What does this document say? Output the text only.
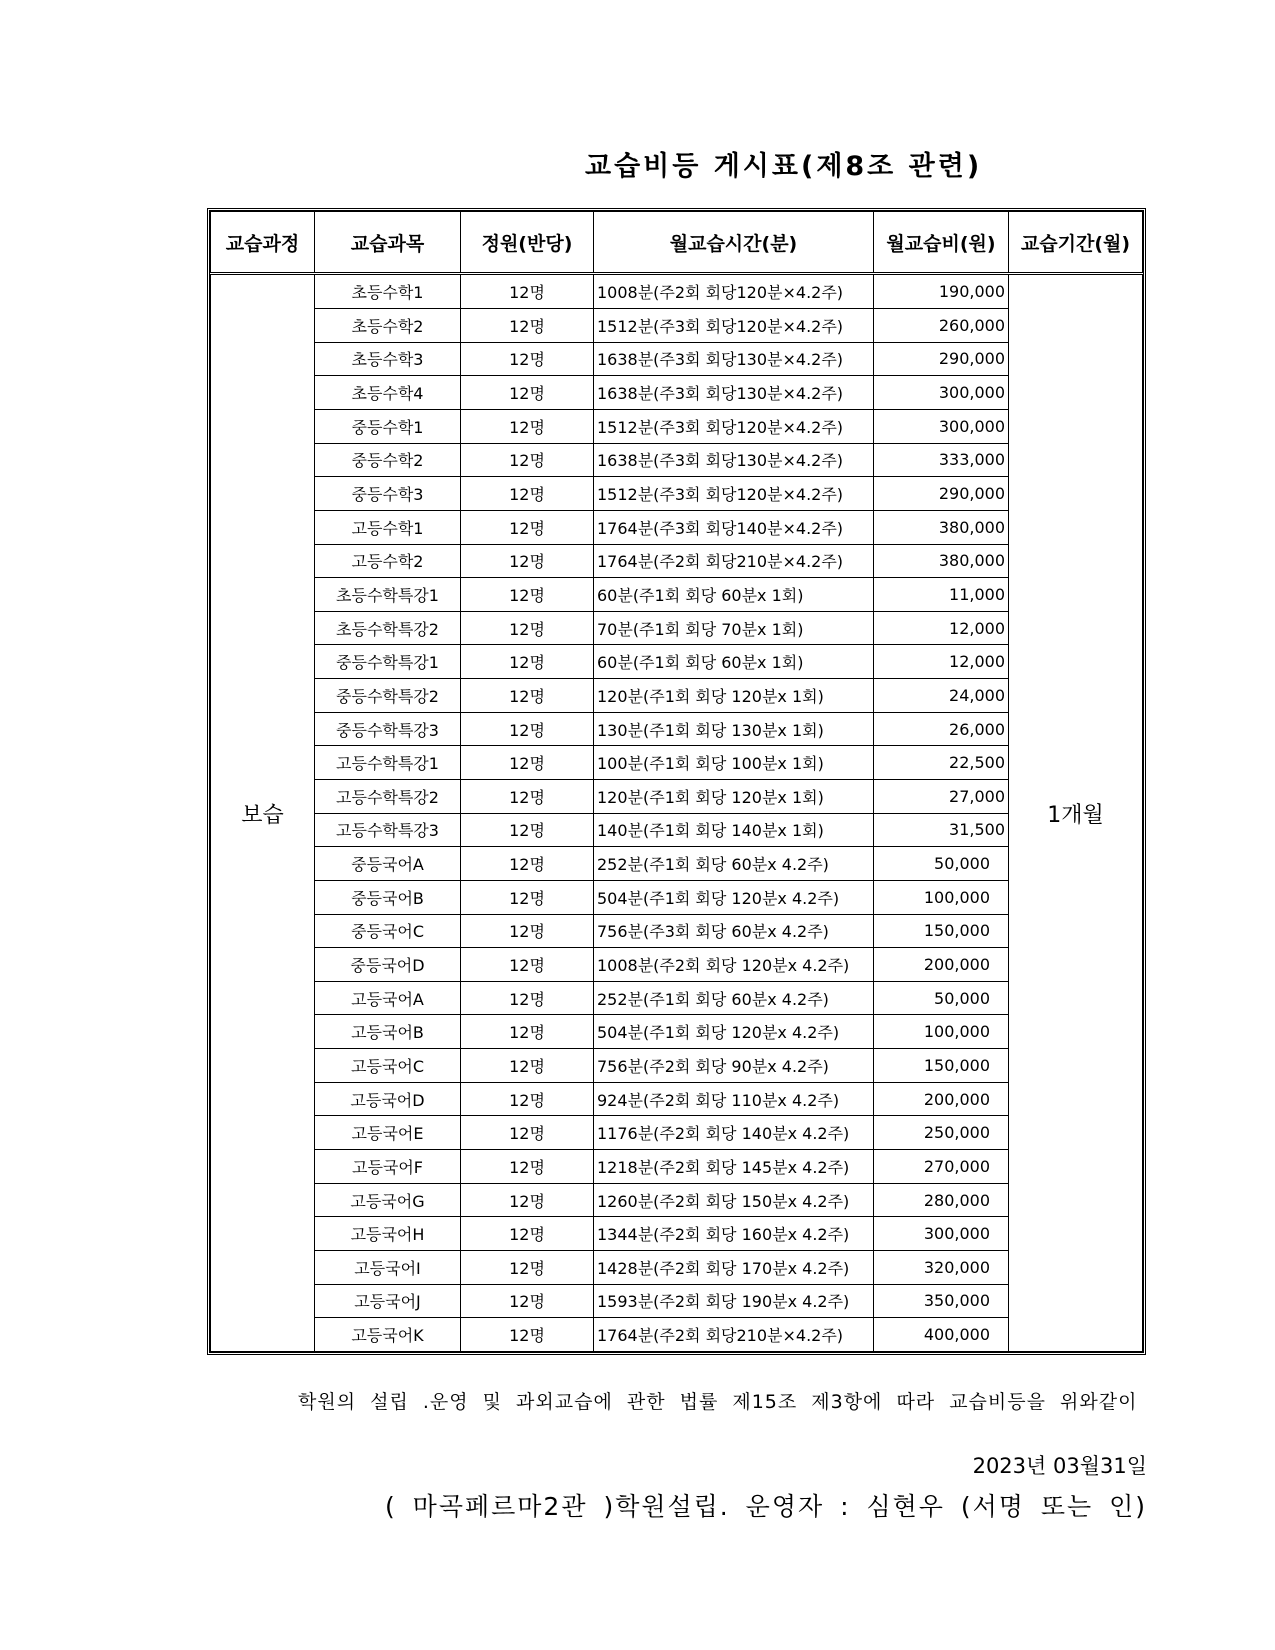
교습비등 게시표(제8조 관련)
교습과정	교습과목	정원(반당)	월교습시간(분)	월교습비(원)	교습기간(월)
보습	초등수학1	12명	1008분(주2회 회당120분×4.2주)	190,000	1개월
	초등수학2	12명	1512분(주3회 회당120분×4.2주)	260,000	
	초등수학3	12명	1638분(주3회 회당130분×4.2주)	290,000	
	초등수학4	12명	1638분(주3회 회당130분×4.2주)	300,000	
	중등수학1	12명	1512분(주3회 회당120분×4.2주)	300,000	
	중등수학2	12명	1638분(주3회 회당130분×4.2주)	333,000	
	중등수학3	12명	1512분(주3회 회당120분×4.2주)	290,000	
	고등수학1	12명	1764분(주3회 회당140분×4.2주)	380,000	
	고등수학2	12명	1764분(주2회 회당210분×4.2주)	380,000	
	초등수학특강1	12명	60분(주1회 회당 60분x 1회)	11,000	
	초등수학특강2	12명	70분(주1회 회당 70분x 1회)	12,000	
	중등수학특강1	12명	60분(주1회 회당 60분x 1회)	12,000	
	중등수학특강2	12명	120분(주1회 회당 120분x 1회)	24,000	
	중등수학특강3	12명	130분(주1회 회당 130분x 1회)	26,000	
	고등수학특강1	12명	100분(주1회 회당 100분x 1회)	22,500	
	고등수학특강2	12명	120분(주1회 회당 120분x 1회)	27,000	
	고등수학특강3	12명	140분(주1회 회당 140분x 1회)	31,500	
	중등국어A	12명	252분(주1회 회당 60분x 4.2주)	50,000	
	중등국어B	12명	504분(주1회 회당 120분x 4.2주)	100,000	
	중등국어C	12명	756분(주3회 회당 60분x 4.2주)	150,000	
	중등국어D	12명	1008분(주2회 회당 120분x 4.2주)	200,000	
	고등국어A	12명	252분(주1회 회당 60분x 4.2주)	50,000	
	고등국어B	12명	504분(주1회 회당 120분x 4.2주)	100,000	
	고등국어C	12명	756분(주2회 회당 90분x 4.2주)	150,000	
	고등국어D	12명	924분(주2회 회당 110분x 4.2주)	200,000	
	고등국어E	12명	1176분(주2회 회당 140분x 4.2주)	250,000	
	고등국어F	12명	1218분(주2회 회당 145분x 4.2주)	270,000	
	고등국어G	12명	1260분(주2회 회당 150분x 4.2주)	280,000	
	고등국어H	12명	1344분(주2회 회당 160분x 4.2주)	300,000	
	고등국어I	12명	1428분(주2회 회당 170분x 4.2주)	320,000	
	고등국어J	12명	1593분(주2회 회당 190분x 4.2주)	350,000	
	고등국어K	12명	1764분(주2회 회당210분×4.2주)	400,000	
학원의 설립 .운영 및 과외교습에 관한 법률 제15조 제3항에 따라 교습비등을 위와같이
2023년 03월31일
( 마곡페르마2관 )학원설립. 운영자 : 심현우 (서명 또는 인)
